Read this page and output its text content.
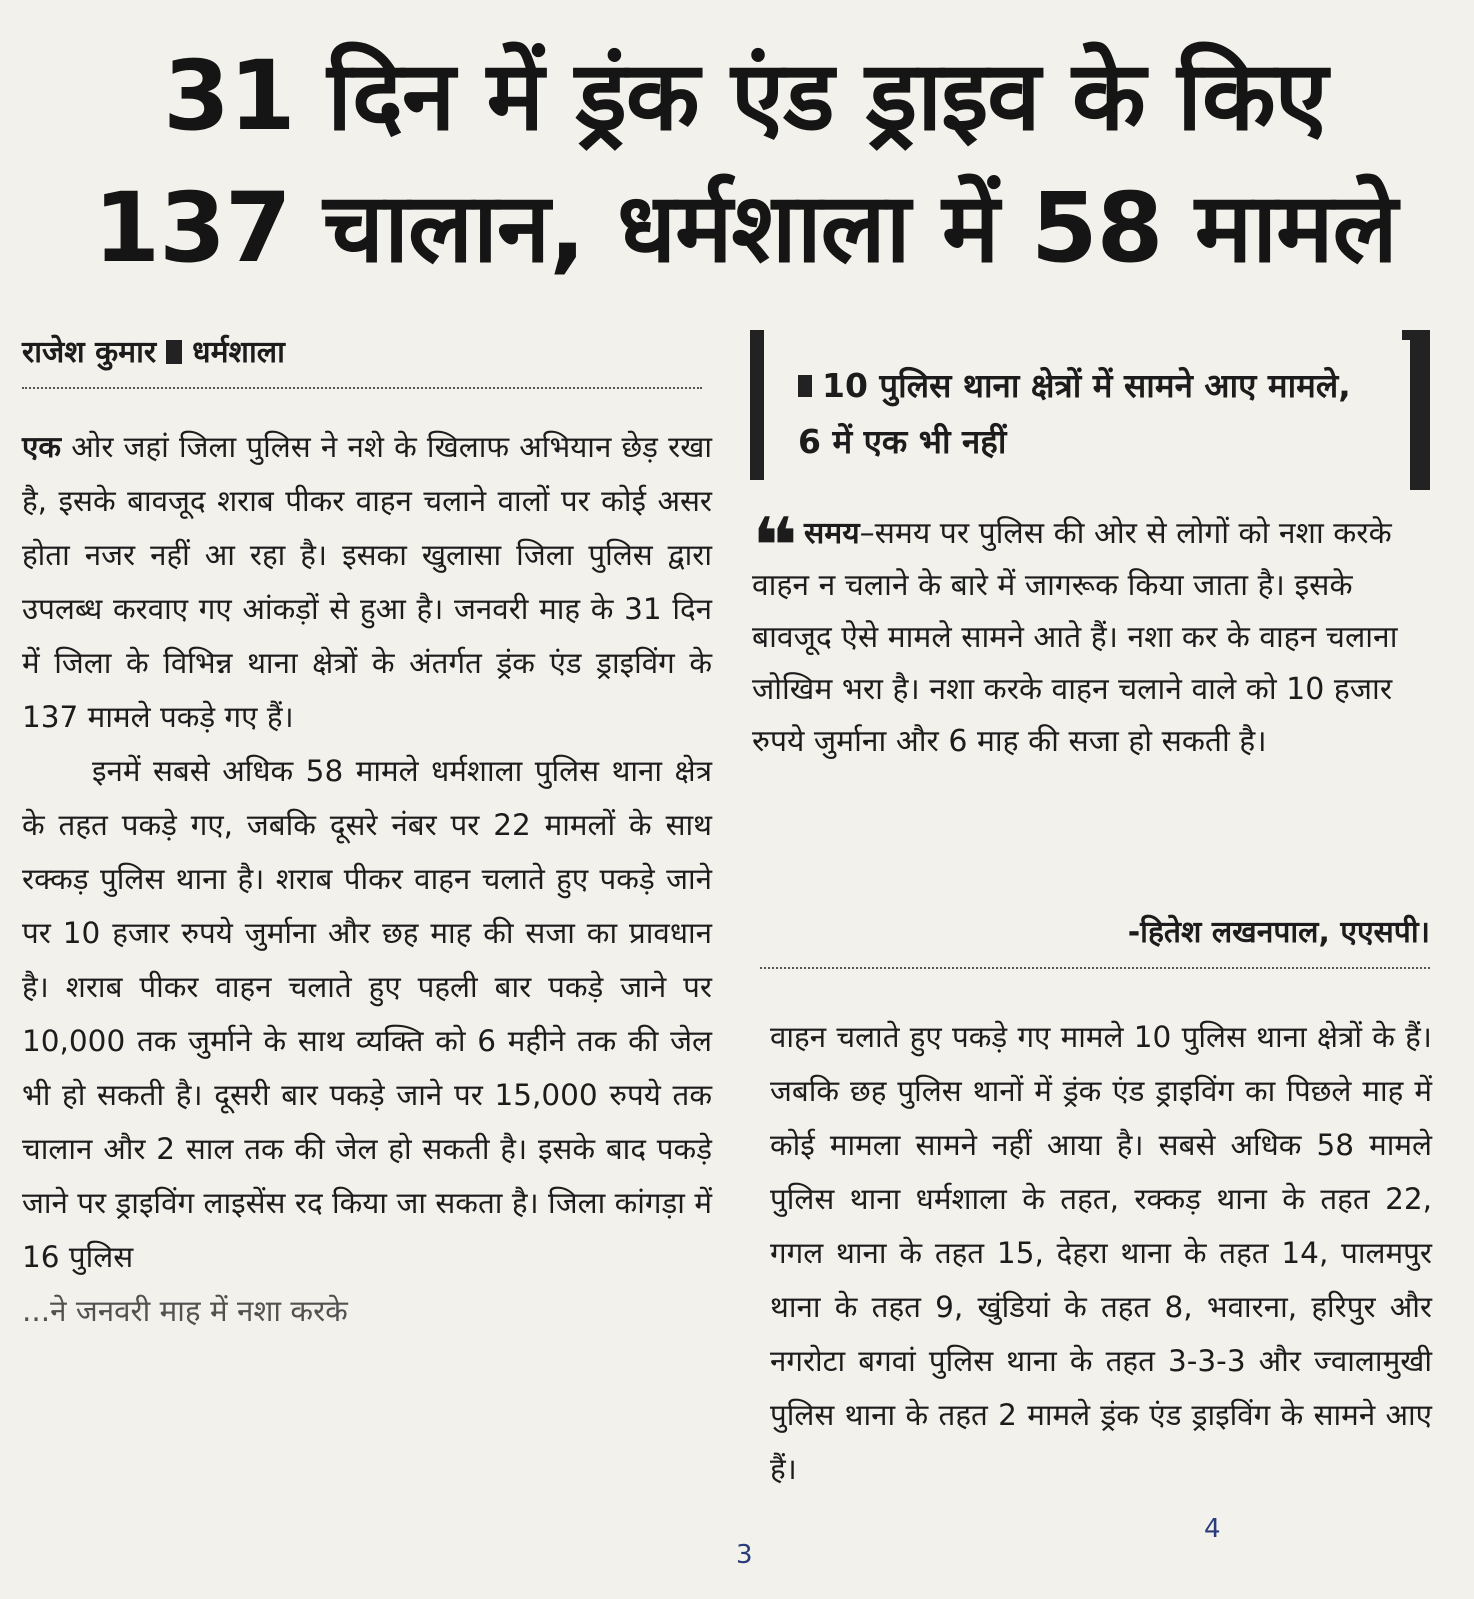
31 दिन में ड्रंक एंड ड्राइव के किए
137 चालान, धर्मशाला में 58 मामले
राजेश कुमार धर्मशाला

एक ओर जहां जिला पुलिस ने नशे के खिलाफ अभियान छेड़ रखा है, इसके बावजूद शराब पीकर वाहन चलाने वालों पर कोई असर होता नजर नहीं आ रहा है। इसका खुलासा जिला पुलिस द्वारा उपलब्ध करवाए गए आंकड़ों से हुआ है। जनवरी माह के 31 दिन में जिला के विभिन्न थाना क्षेत्रों के अंतर्गत ड्रंक एंड ड्राइविंग के 137 मामले पकड़े गए हैं।

इनमें सबसे अधिक 58 मामले धर्मशाला पुलिस थाना क्षेत्र के तहत पकड़े गए, जबकि दूसरे नंबर पर 22 मामलों के साथ रक्कड़ पुलिस थाना है। शराब पीकर वाहन चलाते हुए पकड़े जाने पर 10 हजार रुपये जुर्माना और छह माह की सजा का प्रावधान है। शराब पीकर वाहन चलाते हुए पहली बार पकड़े जाने पर 10,000 तक जुर्माने के साथ व्यक्ति को 6 महीने तक की जेल भी हो सकती है। दूसरी बार पकड़े जाने पर 15,000 रुपये तक चालान और 2 साल तक की जेल हो सकती है। इसके बाद पकड़े जाने पर ड्राइविंग लाइसेंस रद किया जा सकता है। जिला कांगड़ा में 16 पुलिस

...ने जनवरी माह में नशा करके

10 पुलिस थाना क्षेत्रों में सामने आए मामले, 6 में एक भी नहीं
❝ समय–समय पर पुलिस की ओर से लोगों को नशा करके वाहन न चलाने के बारे में जागरूक किया जाता है। इसके बावजूद ऐसे मामले सामने आते हैं। नशा कर के वाहन चलाना जोखिम भरा है। नशा करके वाहन चलाने वाले को 10 हजार रुपये जुर्माना और 6 माह की सजा हो सकती है।

-हितेश लखनपाल, एएसपी।

वाहन चलाते हुए पकड़े गए मामले 10 पुलिस थाना क्षेत्रों के हैं। जबकि छह पुलिस थानों में ड्रंक एंड ड्राइविंग का पिछले माह में कोई मामला सामने नहीं आया है। सबसे अधिक 58 मामले पुलिस थाना धर्मशाला के तहत, रक्कड़ थाना के तहत 22, गगल थाना के तहत 15, देहरा थाना के तहत 14, पालमपुर थाना के तहत 9, खुंडियां के तहत 8, भवारना, हरिपुर और नगरोटा बगवां पुलिस थाना के तहत 3-3-3 और ज्वालामुखी पुलिस थाना के तहत 2 मामले ड्रंक एंड ड्राइविंग के सामने आए हैं।

3
4
